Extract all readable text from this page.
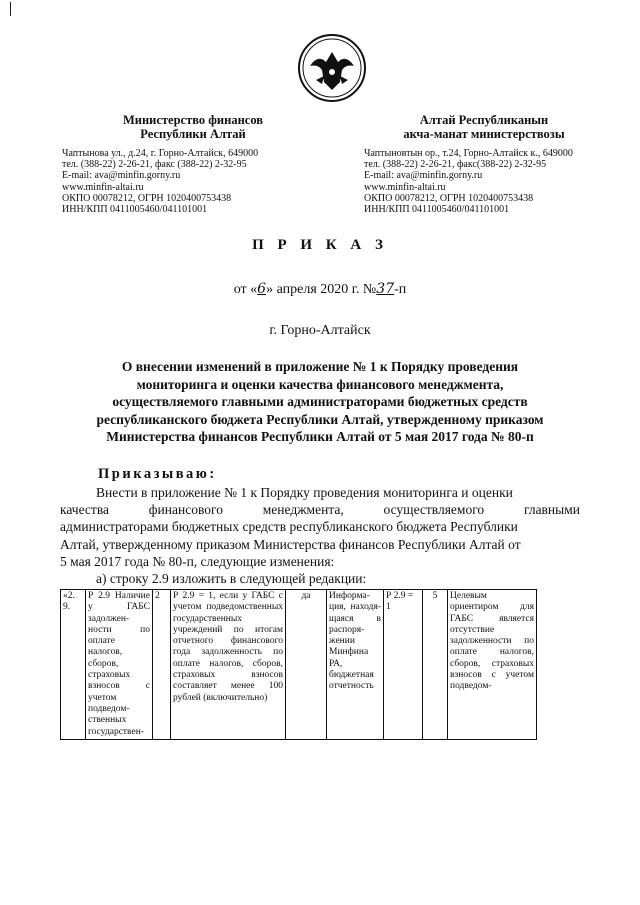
Министерство финансов
Республики Алтай
Чаптынова ул., д.24, г. Горно-Алтайск, 649000
тел. (388-22) 2-26-21, факс (388-22) 2-32-95
E-mail: ava@minfin.gorny.ru
www.minfin-altai.ru
ОКПО 00078212, ОГРН 1020400753438
ИНН/КПП 0411005460/041101001
Алтай Республиканын
акча-манат министерствозы
Чаптыновтын ор., т.24, Горно-Алтайск к., 649000
тел. (388-22) 2-26-21, факс(388-22) 2-32-95
E-mail: ava@minfin.gorny.ru
www.minfin-altai.ru
ОКПО 00078212, ОГРН 1020400753438
ИНН/КПП 0411005460/041101001
П Р И К А З
от «6» апреля 2020 г. №37-п
г. Горно-Алтайск
О внесении изменений в приложение № 1 к Порядку проведения
мониторинга и оценки качества финансового менеджмента,
осуществляемого главными администраторами бюджетных средств
республиканского бюджета Республики Алтай, утвержденному приказом
Министерства финансов Республики Алтай от 5 мая 2017 года № 80-п
Приказываю:
Внести в приложение № 1 к Порядку проведения мониторинга и оценки
качества финансового менеджмента, осуществляемого главными
администраторами бюджетных средств республиканского бюджета Республики
Алтай, утвержденному приказом Министерства финансов Республики Алтай от
5 мая 2017 года № 80-п, следующие изменения:
а) строку 2.9 изложить в следующей редакции:
«2. 9.	Р 2.9 Наличие у ГАБС задолжен-ности по оплате налогов, сборов, страховых взносов с учетом подведом-ственных государствен-	2	Р 2.9 = 1, если у ГАБС с учетом подведомственных государственных учреждений по итогам отчетного финансового года задолженность по оплате налогов, сборов, страховых взносов составляет менее 100 рублей (включительно)	да	Информа-ция, находя-щаяся в распоря-жении Минфина РА, бюджетная отчетность	Р 2.9 = 1	5	Целевым ориентиром для ГАБС является отсутствие задолженности по оплате налогов, сборов, страховых взносов с учетом подведом-
